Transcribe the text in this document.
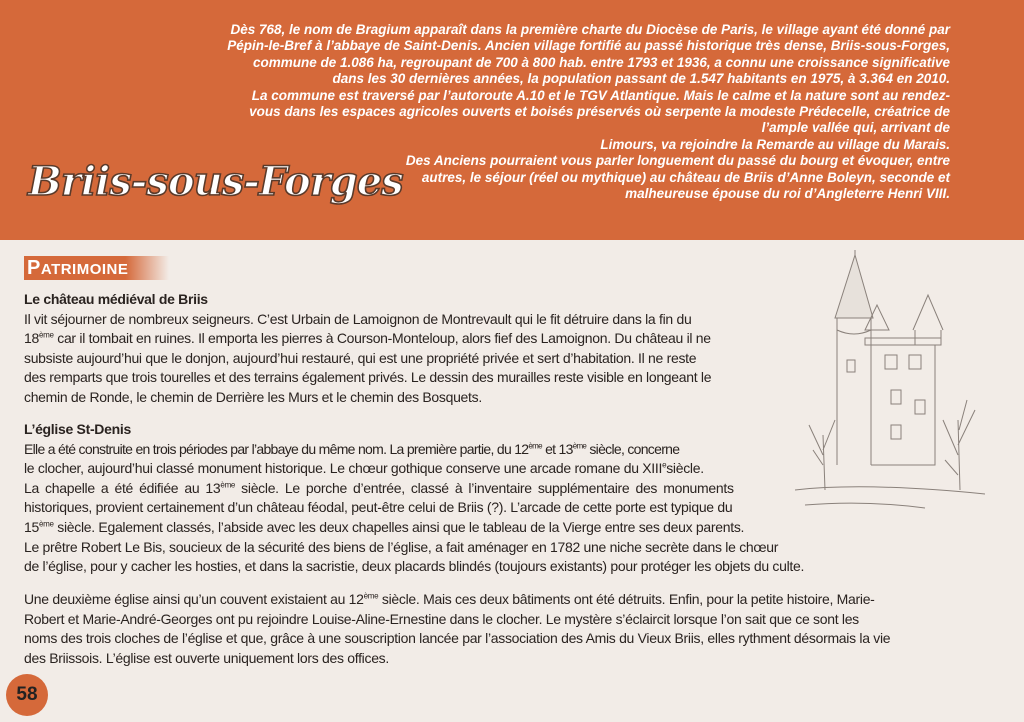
Dès 768, le nom de Bragium apparaît dans la première charte du Diocèse de Paris, le village ayant été donné par
Pépin-le-Bref à l’abbaye de Saint-Denis. Ancien village fortifié au passé historique très dense, Briis-sous-Forges,
commune de 1.086 ha, regroupant de 700 à 800 hab. entre 1793 et 1936, a connu une croissance significative
dans les 30 dernières années, la population passant de 1.547 habitants en 1975, à 3.364 en 2010.
La commune est traversé par l’autoroute A.10 et le TGV Atlantique. Mais le calme et la nature sont au rendez-
vous dans les espaces agricoles ouverts et boisés préservés où serpente la modeste Prédecelle, créatrice de
l’ample vallée qui, arrivant de
Limours, va rejoindre la Remarde au village du Marais.
Des Anciens pourraient vous parler longuement du passé du bourg et évoquer, entre
autres, le séjour (réel ou mythique) au château de Briis d’Anne Boleyn, seconde et
malheureuse épouse du roi d’Angleterre Henri VIII.
Briis-sous-Forges
PATRIMOINE
Le château médiéval de Briis
Il vit séjourner de nombreux seigneurs. C’est Urbain de Lamoignon de Montrevault qui le fit détruire dans la fin du
18ème car il tombait en ruines. Il emporta les pierres à Courson-Monteloup, alors fief des Lamoignon. Du château il ne
subsiste aujourd’hui que le donjon, aujourd’hui restauré, qui est une propriété privée et sert d’habitation. Il ne reste
des remparts que trois tourelles et des terrains également privés. Le dessin des murailles reste visible en longeant le
chemin de Ronde, le chemin de Derrière les Murs et le chemin des Bosquets.
L’église St-Denis
Elle a été construite en trois périodes par l’abbaye du même nom. La première partie, du 12ème et 13ème siècle, concerne
le clocher, aujourd’hui classé monument historique. Le chœur gothique conserve une arcade romane du XIIIesiècle.
La chapelle a été édifiée au 13ème siècle. Le porche d’entrée, classé à l’inventaire supplémentaire des monuments
historiques, provient certainement d’un château féodal, peut-être celui de Briis (?). L’arcade de cette porte est typique du
15ème siècle. Egalement classés, l’abside avec les deux chapelles ainsi que le tableau de la Vierge entre ses deux parents.
Le prêtre Robert Le Bis, soucieux de la sécurité des biens de l’église, a fait aménager en 1782 une niche secrète dans le chœur
de l’église, pour y cacher les hosties, et dans la sacristie, deux placards blindés (toujours existants) pour protéger les objets du culte.
Une deuxième église ainsi qu’un couvent existaient au 12ème siècle. Mais ces deux bâtiments ont été détruits. Enfin, pour la petite histoire, Marie-
Robert et Marie-André-Georges ont pu rejoindre Louise-Aline-Ernestine dans le clocher. Le mystère s’éclaircit lorsque l’on sait que ce sont les
noms des trois cloches de l’église et que, grâce à une souscription lancée par l’association des Amis du Vieux Briis, elles rythment désormais la vie
des Briissois. L’église est ouverte uniquement lors des offices.
58
